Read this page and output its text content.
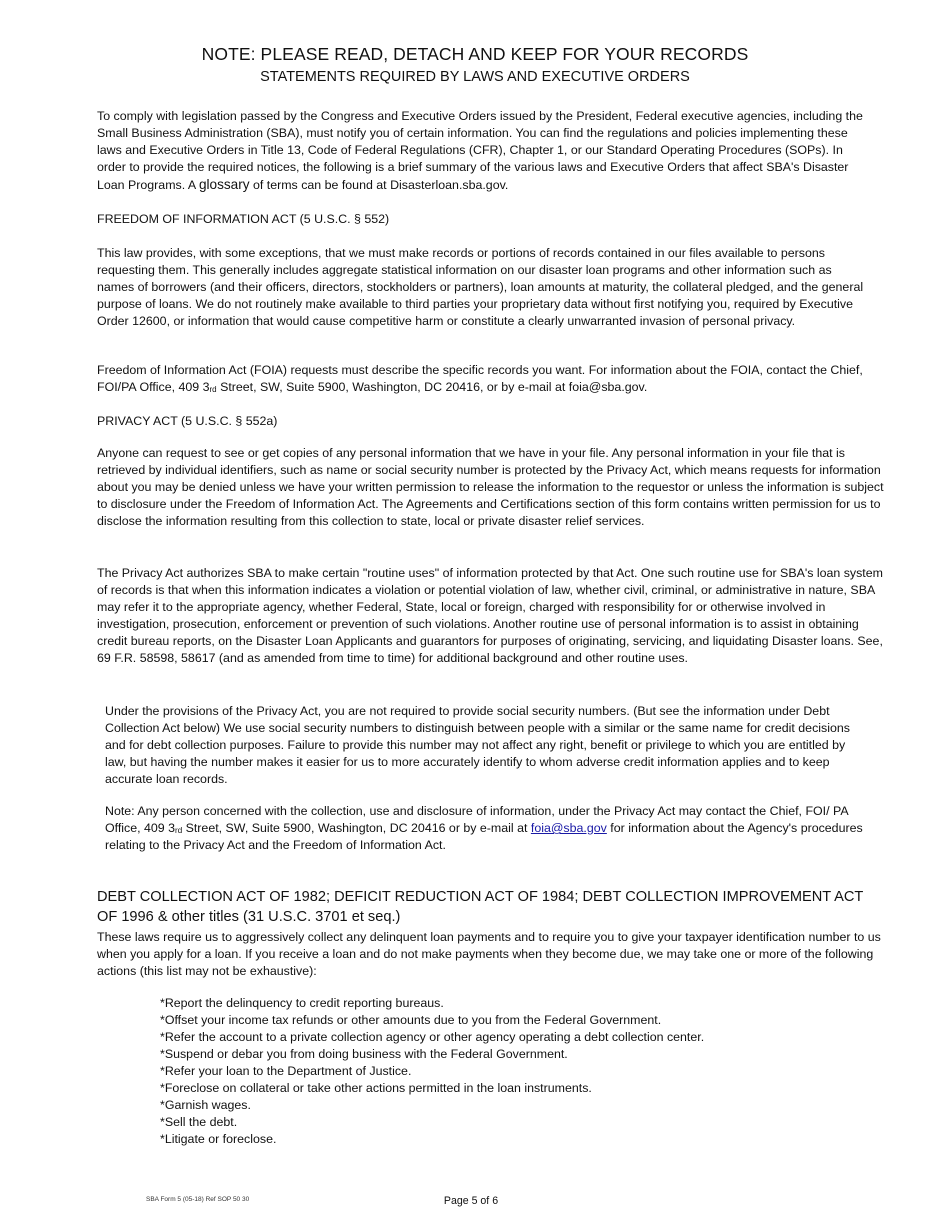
NOTE: PLEASE READ, DETACH AND KEEP FOR YOUR RECORDS
STATEMENTS REQUIRED BY LAWS AND EXECUTIVE ORDERS

To comply with legislation passed by the Congress and Executive Orders issued by the President, Federal executive agencies, including the Small Business Administration (SBA), must notify you of certain information. You can find the regulations and policies implementing these laws and Executive Orders in Title 13, Code of Federal Regulations (CFR), Chapter 1, or our Standard Operating Procedures (SOPs). In order to provide the required notices, the following is a brief summary of the various laws and Executive Orders that affect SBA's Disaster Loan Programs. A glossary of terms can be found at Disasterloan.sba.gov.

FREEDOM OF INFORMATION ACT (5 U.S.C. § 552)

This law provides, with some exceptions, that we must make records or portions of records contained in our files available to persons requesting them. This generally includes aggregate statistical information on our disaster loan programs and other information such as names of borrowers (and their officers, directors, stockholders or partners), loan amounts at maturity, the collateral pledged, and the general purpose of loans. We do not routinely make available to third parties your proprietary data without first notifying you, required by Executive Order 12600, or information that would cause competitive harm or constitute a clearly unwarranted invasion of personal privacy.

Freedom of Information Act (FOIA) requests must describe the specific records you want. For information about the FOIA, contact the Chief, FOI/PA Office, 409 $3_{rd}$ Street, SW, Suite 5900, Washington, DC 20416, or by e-mail at foia@sba.gov.

PRIVACY ACT (5 U.S.C. § 552a)

Anyone can request to see or get copies of any personal information that we have in your file. Any personal information in your file that is retrieved by individual identifiers, such as name or social security number is protected by the Privacy Act, which means requests for information about you may be denied unless we have your written permission to release the information to the requestor or unless the information is subject to disclosure under the Freedom of Information Act. The Agreements and Certifications section of this form contains written permission for us to disclose the information resulting from this collection to state, local or private disaster relief services.

The Privacy Act authorizes SBA to make certain "routine uses" of information protected by that Act. One such routine use for SBA's loan system of records is that when this information indicates a violation or potential violation of law, whether civil, criminal, or administrative in nature, SBA may refer it to the appropriate agency, whether Federal, State, local or foreign, charged with responsibility for or otherwise involved in investigation, prosecution, enforcement or prevention of such violations. Another routine use of personal information is to assist in obtaining credit bureau reports, on the Disaster Loan Applicants and guarantors for purposes of originating, servicing, and liquidating Disaster loans. See, 69 F.R. 58598, 58617 (and as amended from time to time) for additional background and other routine uses.

Under the provisions of the Privacy Act, you are not required to provide social security numbers. (But see the information under Debt Collection Act below) We use social security numbers to distinguish between people with a similar or the same name for credit decisions and for debt collection purposes. Failure to provide this number may not affect any right, benefit or privilege to which you are entitled by law, but having the number makes it easier for us to more accurately identify to whom adverse credit information applies and to keep accurate loan records.

Note: Any person concerned with the collection, use and disclosure of information, under the Privacy Act may contact the Chief, FOI/ PA Office, 409 $3_{rd}$ Street, SW, Suite 5900, Washington, DC 20416 or by e-mail at foia@sba.gov for information about the Agency's procedures relating to the Privacy Act and the Freedom of Information Act.

DEBT COLLECTION ACT OF 1982; DEFICIT REDUCTION ACT OF 1984; DEBT COLLECTION IMPROVEMENT ACT OF 1996 & other titles (31 U.S.C. 3701 et seq.)

These laws require us to aggressively collect any delinquent loan payments and to require you to give your taxpayer identification number to us when you apply for a loan. If you receive a loan and do not make payments when they become due, we may take one or more of the following actions (this list may not be exhaustive):

*Report the delinquency to credit reporting bureaus.
*Offset your income tax refunds or other amounts due to you from the Federal Government.
*Refer the account to a private collection agency or other agency operating a debt collection center.
*Suspend or debar you from doing business with the Federal Government.
*Refer your loan to the Department of Justice.
*Foreclose on collateral or take other actions permitted in the loan instruments.
*Garnish wages.
*Sell the debt.
*Litigate or foreclose.
SBA Form 5 (05-18) Ref SOP 50 30	Page 5 of 6
